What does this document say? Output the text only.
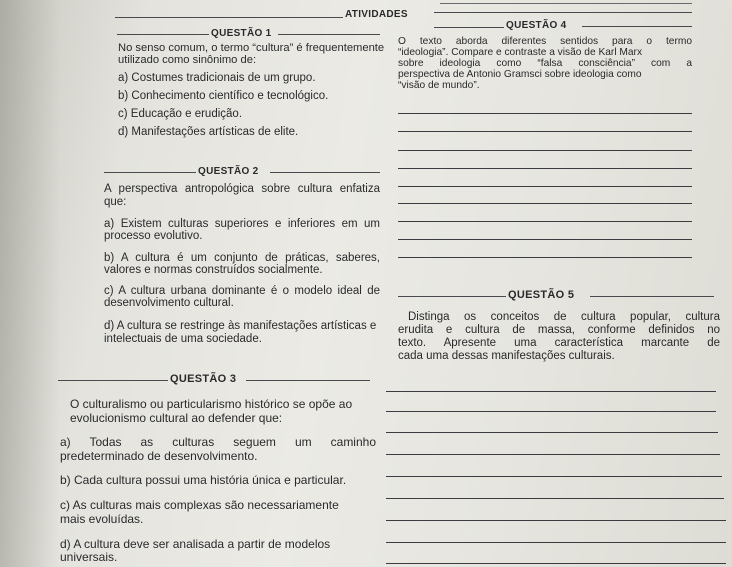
ATIVIDADES
QUESTÃO 1
No senso comum, o termo “cultura” é frequentemente
utilizado como sinônimo de:
a) Costumes tradicionais de um grupo.
b) Conhecimento científico e tecnológico.
c) Educação e erudição.
d) Manifestações artísticas de elite.
QUESTÃO 2
A perspectiva antropológica sobre cultura enfatiza
que:
a) Existem culturas superiores e inferiores em um
processo evolutivo.
b) A cultura é um conjunto de práticas, saberes,
valores e normas construídos socialmente.
c) A cultura urbana dominante é o modelo ideal de
desenvolvimento cultural.
d) A cultura se restringe às manifestações artísticas e
intelectuais de uma sociedade.
QUESTÃO 3
O culturalismo ou particularismo histórico se opõe ao
evolucionismo cultural ao defender que:
a) Todas as culturas seguem um caminho
predeterminado de desenvolvimento.
b) Cada cultura possui uma história única e particular.
c) As culturas mais complexas são necessariamente
mais evoluídas.
d) A cultura deve ser analisada a partir de modelos
universais.
QUESTÃO 4
O texto aborda diferentes sentidos para o termo
“ideologia”. Compare e contraste a visão de Karl Marx
sobre ideologia como “falsa consciência” com a
perspectiva de Antonio Gramsci sobre ideologia como
“visão de mundo”.
QUESTÃO 5
Distinga os conceitos de cultura popular, cultura
erudita e cultura de massa, conforme definidos no
texto. Apresente uma característica marcante de
cada uma dessas manifestações culturais.
